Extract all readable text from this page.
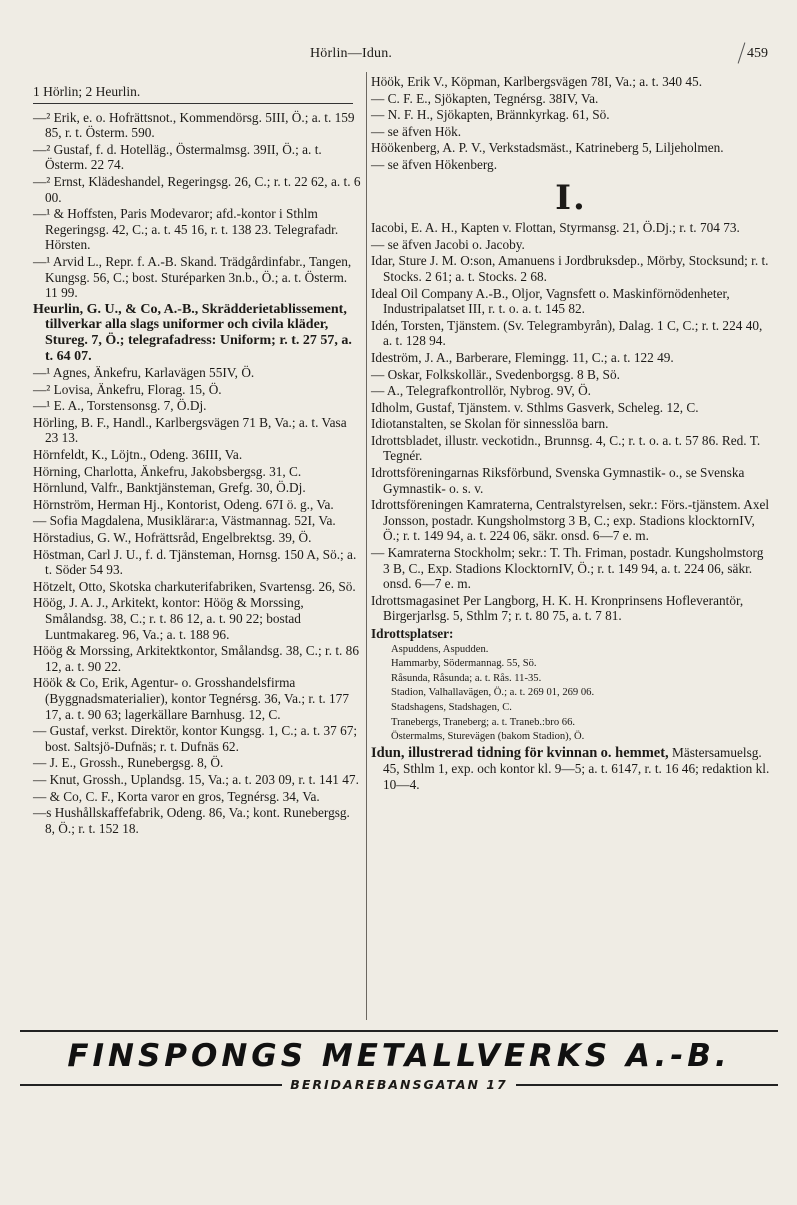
Hörlin—Idun.	459
1 Hörlin; 2 Heurlin.
—² Erik, e. o. Hofrättsnot., Kommendörsg. 5III, Ö.; a. t. 159 85, r. t. Österm. 590.
—² Gustaf, f. d. Hotelläg., Östermalmsg. 39II, Ö.; a. t. Österm. 22 74.
—² Ernst, Klädeshandel, Regeringsg. 26, C.; r. t. 22 62, a. t. 6 00.
—¹ & Hoffsten, Paris Modevaror; afd.-kontor i Sthlm Regeringsg. 42, C.; a. t. 45 16, r. t. 138 23. Telegrafadr. Hörsten.
—¹ Arvid L., Repr. f. A.-B. Skand. Trädgårdinfabr., Tangen, Kungsg. 56, C.; bost. Sturéparken 3n.b., Ö.; a. t. Österm. 11 99.
Heurlin, G. U., & Co, A.-B., Skrädderietablissement, tillverkar alla slags uniformer och civila kläder, Stureg. 7, Ö.; telegrafadress: Uniform; r. t. 27 57, a. t. 64 07.
—¹ Agnes, Änkefru, Karlavägen 55IV, Ö.
—² Lovisa, Änkefru, Florag. 15, Ö.
—¹ E. A., Torstensonsg. 7, Ö.Dj.
Hörling, B. F., Handl., Karlbergsvägen 71 B, Va.; a. t. Vasa 23 13.
Hörnfeldt, K., Löjtn., Odeng. 36III, Va.
Hörning, Charlotta, Änkefru, Jakobsbergsg. 31, C.
Hörnlund, Valfr., Banktjänsteman, Grefg. 30, Ö.Dj.
Hörnström, Herman Hj., Kontorist, Odeng. 67I ö. g., Va.
— Sofia Magdalena, Musiklärar:a, Västmannag. 52I, Va.
Hörstadius, G. W., Hofrättsråd, Engelbrektsg. 39, Ö.
Höstman, Carl J. U., f. d. Tjänsteman, Hornsg. 150 A, Sö.; a. t. Söder 54 93.
Hötzelt, Otto, Skotska charkuterifabriken, Svartensg. 26, Sö.
Höög, J. A. J., Arkitekt, kontor: Höög & Morssing, Smålandsg. 38, C.; r. t. 86 12, a. t. 90 22; bostad Luntmakareg. 96, Va.; a. t. 188 96.
Höög & Morssing, Arkitektkontor, Smålandsg. 38, C.; r. t. 86 12, a. t. 90 22.
Höök & Co, Erik, Agentur- o. Grosshandelsfirma (Byggnadsmaterialier), kontor Tegnérsg. 36, Va.; r. t. 177 17, a. t. 90 63; lagerkällare Barnhusg. 12, C.
— Gustaf, verkst. Direktör, kontor Kungsg. 1, C.; a. t. 37 67; bost. Saltsjö-Dufnäs; r. t. Dufnäs 62.
— J. E., Grossh., Runebergsg. 8, Ö.
— Knut, Grossh., Uplandsg. 15, Va.; a. t. 203 09, r. t. 141 47.
— & Co, C. F., Korta varor en gros, Tegnérsg. 34, Va.
—s Hushållskaffefabrik, Odeng. 86, Va.; kont. Runebergsg. 8, Ö.; r. t. 152 18.
Höök, Erik V., Köpman, Karlbergsvägen 78I, Va.; a. t. 340 45.
— C. F. E., Sjökapten, Tegnérsg. 38IV, Va.
— N. F. H., Sjökapten, Brännkyrkag. 61, Sö.
— se äfven Hök.
Höökenberg, A. P. V., Verkstadsmäst., Katrineberg 5, Liljeholmen.
— se äfven Hökenberg.
I.
Iacobi, E. A. H., Kapten v. Flottan, Styrmansg. 21, Ö.Dj.; r. t. 704 73.
— se äfven Jacobi o. Jacoby.
Idar, Sture J. M. O:son, Amanuens i Jordbruksdep., Mörby, Stocksund; r. t. Stocks. 2 61; a. t. Stocks. 2 68.
Ideal Oil Company A.-B., Oljor, Vagnsfett o. Maskinförnödenheter, Industripalatset III, r. t. o. a. t. 145 82.
Idén, Torsten, Tjänstem. (Sv. Telegrambyrån), Dalag. 1 C, C.; r. t. 224 40, a. t. 128 94.
Ideström, J. A., Barberare, Flemingg. 11, C.; a. t. 122 49.
— Oskar, Folkskollär., Svedenborgsg. 8 B, Sö.
— A., Telegrafkontrollör, Nybrog. 9V, Ö.
Idholm, Gustaf, Tjänstem. v. Sthlms Gasverk, Scheleg. 12, C.
Idiotanstalten, se Skolan för sinnesslöa barn.
Idrottsbladet, illustr. veckotidn., Brunnsg. 4, C.; r. t. o. a. t. 57 86. Red. T. Tegnér.
Idrottsföreningarnas Riksförbund, Svenska Gymnastik- o., se Svenska Gymnastik- o. s. v.
Idrottsföreningen Kamraterna, Centralstyrelsen, sekr.: Förs.-tjänstem. Axel Jonsson, postadr. Kungsholmstorg 3 B, C.; exp. Stadions klocktornIV, Ö.; r. t. 149 94, a. t. 224 06, säkr. onsd. 6—7 e. m.
— Kamraterna Stockholm; sekr.: T. Th. Friman, postadr. Kungsholmstorg 3 B, C., Exp. Stadions KlocktornIV, Ö.; r. t. 149 94, a. t. 224 06, säkr. onsd. 6—7 e. m.
Idrottsmagasinet Per Langborg, H. K. H. Kronprinsens Hofleverantör, Birgerjarlsg. 5, Sthlm 7; r. t. 80 75, a. t. 7 81.
Idrottsplatser:
Aspuddens, Aspudden.
Hammarby, Södermannag. 55, Sö.
Råsunda, Råsunda; a. t. Rås. 11-35.
Stadion, Valhallavägen, Ö.; a. t. 269 01, 269 06.
Stadshagens, Stadshagen, C.
Tranebergs, Traneberg; a. t. Traneb.:bro 66.
Östermalms, Sturevägen (bakom Stadion), Ö.
Idun, illustrerad tidning för kvinnan o. hemmet, Mästersamuelsg. 45, Sthlm 1, exp. och kontor kl. 9—5; a. t. 6147, r. t. 16 46; redaktion kl. 10—4.
FINSPONGS METALLVERKS A.-B.
BERIDAREBANSGATAN 17
